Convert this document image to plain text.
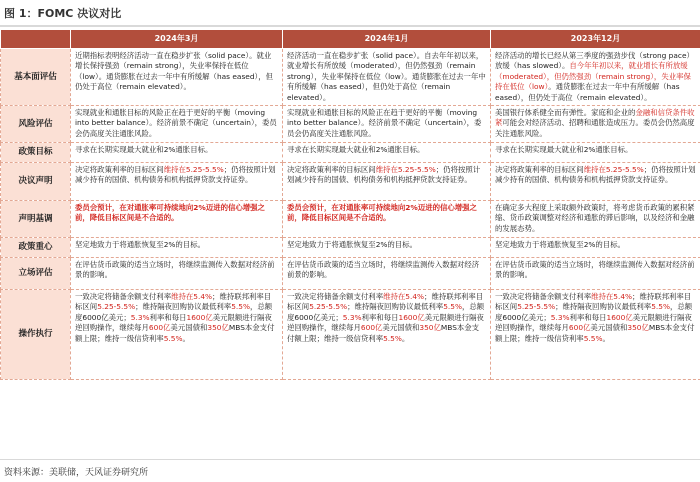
图 1：FOMC 决议对比
	2024年3月	2024年1月	2023年12月
基本面评估	近期指标表明经济活动一直在稳步扩张（solid pace）。就业增长保持强劲（remain strong），失业率保持在低位（low）。通货膨胀在过去一年中有所缓解（has eased），但仍处于高位（remain elevated）。	经济活动一直在稳步扩张（solid pace）。自去年年初以来，就业增长有所放缓（moderated），但仍然强劲（remain strong），失业率保持在低位（low）。通货膨胀在过去一年中有所缓解（has eased），但仍处于高位（remain elevated）。	经济活动的增长已经从第三季度的强劲步伐（strong pace）放缓（has slowed）。自今年年初以来，就业增长有所放缓（moderated），但仍然强劲（remain strong），失业率保持在低位（low）。通货膨胀在过去一年中有所缓解（has eased），但仍处于高位（remain elevated）。
风险评估	实现就业和通胀目标的风险正在趋于更好的平衡（moving into better balance）。经济前景不确定（uncertain），委员会仍高度关注通胀风险。	实现就业和通胀目标的风险正在趋于更好的平衡（moving into better balance）。经济前景不确定（uncertain），委员会仍高度关注通胀风险。	美国银行体系健全而有弹性。家庭和企业的金融和信贷条件收紧可能会对经济活动、招聘和通胀造成压力。委员会仍然高度关注通胀风险。
政策目标	寻求在长期实现最大就业和2%通胀目标。	寻求在长期实现最大就业和2%通胀目标。	寻求在长期实现最大就业和2%通胀目标。
决议声明	决定将政策利率的目标区间维持在5.25-5.5%；仍将按照计划减少持有的国债、机构债务和机构抵押贷款支持证券。	决定将政策利率的目标区间维持在5.25-5.5%；仍将按照计划减少持有的国债、机构债务和机构抵押贷款支持证券。	决定将政策利率的目标区间维持在5.25-5.5%；仍将按照计划减少持有的国债、机构债务和机构抵押贷款支持证券。
声明基调	委员会预计，在对通胀率可持续地向2%迈进的信心增强之前，降低目标区间是不合适的。	委员会预计，在对通胀率可持续地向2%迈进的信心增强之前，降低目标区间是不合适的。	在确定多大程度上采取额外政策时，将考虑货币政策的累积紧缩、货币政策调整对经济和通胀的滞后影响，以及经济和金融的发展态势。
政策重心	坚定地致力于将通胀恢复至2%的目标。	坚定地致力于将通胀恢复至2%的目标。	坚定地致力于将通胀恢复至2%的目标。
立场评估	在评估货币政策的适当立场时，将继续监测传入数据对经济前景的影响。	在评估货币政策的适当立场时，将继续监测传入数据对经济前景的影响。	在评估货币政策的适当立场时，将继续监测传入数据对经济前景的影响。
操作执行	一致决定将储备余额支付利率维持在5.4%；维持联邦利率目标区间5.25-5.5%；维持隔夜回购协议最低利率5.5%，总额度6000亿美元；5.3%利率和每日1600亿美元限额进行隔夜逆回购操作，继续每月600亿美元国债和350亿MBS本金支付额上限；维持一级信贷利率5.5%。	一致决定将储备余额支付利率维持在5.4%；维持联邦利率目标区间5.25-5.5%；维持隔夜回购协议最低利率5.5%，总额度6000亿美元；5.3%利率和每日1600亿美元限额进行隔夜逆回购操作，继续每月600亿美元国债和350亿MBS本金支付额上限；维持一级信贷利率5.5%。	一致决定将储备余额支付利率维持在5.4%；维持联邦利率目标区间5.25-5.5%；维持隔夜回购协议最低利率5.5%，总额度6000亿美元；5.3%利率和每日1600亿美元限额进行隔夜逆回购操作，继续每月600亿美元国债和350亿MBS本金支付额上限；维持一级信贷利率5.5%。
资料来源：美联储，天风证券研究所
